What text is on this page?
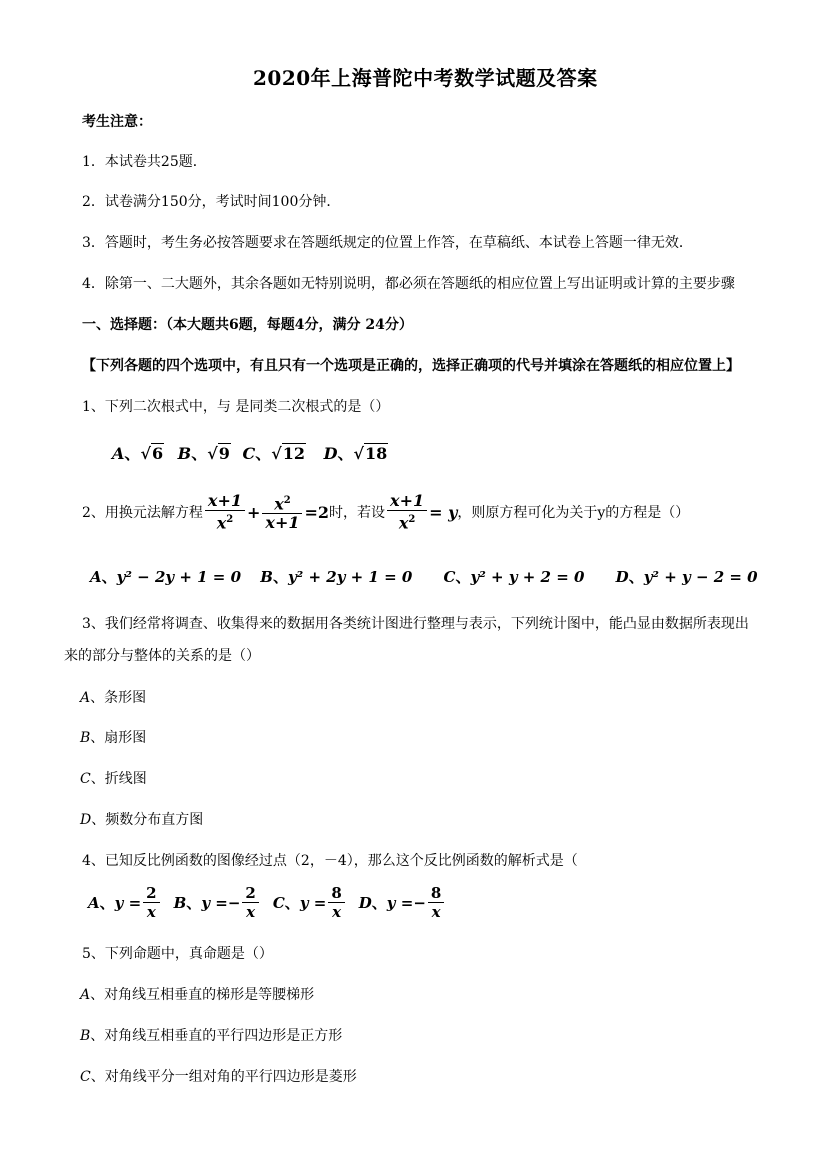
2020年上海普陀中考数学试题及答案
考生注意：
1．本试卷共25题．
2．试卷满分150分，考试时间100分钟．
3．答题时，考生务必按答题要求在答题纸规定的位置上作答，在草稿纸、本试卷上答题一律无效．
4．除第一、二大题外，其余各题如无特别说明，都必须在答题纸的相应位置上写出证明或计算的主要步骤
一、选择题：（本大题共6题，每题4分，满分 24分）
【下列各题的四个选项中，有且只有一个选项是正确的，选择正确项的代号并填涂在答题纸的相应位置上】
1、下列二次根式中，与 是同类二次根式的是（）
A、√6 B、√9 C、√12 D、√18
2、用换元法解方程 $\frac{x+1}{x^2} + \frac{x^2}{x+1} =2$ 时，若设 $\frac{x+1}{x^2} = y$ ，则原方程可化为关于y的方程是（）
A、y² − 2y + 1 = 0 B、y² + 2y + 1 = 0 C、y² + y + 2 = 0 D、y² + y − 2 = 0
3、我们经常将调查、收集得来的数据用各类统计图进行整理与表示，下列统计图中，能凸显由数据所表现出
来的部分与整体的关系的是（）
A、条形图
B、扇形图
C、折线图
D、频数分布直方图
4、已知反比例函数的图像经过点（2，－4），那么这个反比例函数的解析式是（
A 、 $y = \frac{2}{x}$ B 、 y = − $\frac{2}{x}$ C 、 $y = \frac{8}{x}$ D 、 y = − $\frac{8}{x}$
5、下列命题中，真命题是（）
A、对角线互相垂直的梯形是等腰梯形
B、对角线互相垂直的平行四边形是正方形
C、对角线平分一组对角的平行四边形是菱形
